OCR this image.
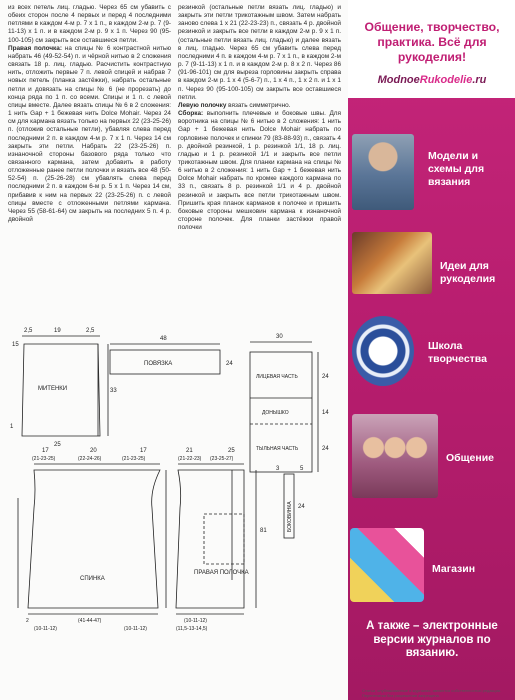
из всех петель лиц. гладью. Через 65 см убавить с обеих сторон после 4 первых и перед 4 последними петлями в каждом 4-м р. 7 х 1 п., в каждом 2-м р. 7 (9-11-13) х 1 п. и в каждом 2-м р. 9 х 1 п. Через 90 (95-100-105) см закрыть все оставшиеся петли.

Правая полочка: на спицы № 6 контрастной нитью набрать 46 (49-52-54) п. и чёрной нитью в 2 сложения связать 18 р. лиц. гладью. Расчистить контрастную нить, отложить первые 7 п. левой спицей и набрав 7 новых петель (планка застёжки), набрать остальные петли и довязать на спицы № 6 (не прорезать) до конца ряда по 1 п. со всеми. Спицы и 1 п. с левой спицы вместе. Далее вязать спицы № 6 в 2 сложения: 1 нить Gap + 1 бежевая нить Dolce Mohair. Через 24 см для кармана вязать только на первых 22 (23-25-26) п. (отложив остальные петли), убавляя слева перед последними 2 п. в каждом 4-м р. 7 х 1 п. Через 14 см закрыть эти петли. Набрать 22 (23-25-26) п. изнаночной стороны базового ряда только что связанного кармана, затем добавить в работу отложенные ранее петли полочки и вязать все 48 (50-52-54) п. (25-26-28) см убавлять слева перед последними 2 п. в каждом 6-м р. 5 х 1 п. Через 14 см, прибавив к ним на первых 22 (23-25-26) п. с левой спицы вместе с отложенными петлями кармана. Через 55 (58-61-64) см закрыть на последних 5 п. 4 р. двойной

резинкой (остальные петли вязать лиц. гладью) и закрыть эти петли трикотажным швом. Затем набрать заново слева 1 х 21 (22-23-23) п., связать 4 р. двойной резинкой и закрыть все петли в каждом 2-м р. 9 х 1 п. (остальные петли вязать лиц. гладью) и далее вязать в лиц. гладью. Через 65 см убавить слева перед последними 4 п. в каждом 4-м р. 7 х 1 п., в каждом 2-м р. 7 (9-11-13) х 1 п. и в каждом 2-м р. 8 х 2 п. Через 86 (91-96-101) см для выреза горловины закрыть справа в каждом 2-м р. 1 х 4 (5-6-7) п., 1 х 4 п., 1 х 2 п. и 1 х 1 п. Через 90 (95-100-105) см закрыть все оставшиеся петли.

Левую полочку вязать симметрично.

Сборка: выполнить плечевые и боковые швы. Для воротника на спицы № 6 нитью в 2 сложения: 1 нить Gap + 1 бежевая нить Dolce Mohair набрать по горловине полочек и спинки 79 (83-88-93) п., связать 4 р. двойной резинкой, 1 р. резинкой 1/1, 18 р. лиц. гладью и 1 р. резинкой 1/1 и закрыть все петли трикотажным швом. Для планки кармана на спицы № 6 нитью в 2 сложения: 1 нить Gap + 1 бежевая нить Dolce Mohair набрать по кромке каждого кармана по 33 п., связать 8 р. резинкой 1/1 и 4 р. двойной резинкой и закрыть все петли трикотажным швом. Пришить края планок карманов к полочке и пришить боковые стороны мешковин кармана к изнаночной стороне полочек. Для планки застёжки правой полочки

МИТЕНКИ
2,5	19	2,5
15
33
1
25
ПОВЯЗКА
48
24
ЛИЦЕВАЯ ЧАСТЬ
ДОНЫШКО
ТЫЛЬНАЯ ЧАСТЬ
30
24
14
24
СПИНКА
17	20	17
(21-23-25)	(22-24-26)	(21-23-25)
2	(41-44-47)
(10-11-12)	(10-11-12)
ПРАВАЯ ПОЛОЧКА
21
(21-22-23) (23-25-27)
25
(10-11-12)
(11,5-13-14,5)
81	БОКОВИНКА
3	5
24
Общение, творчество, практика. Всё для рукоделия!
ModnoeRukodelie.ru
Модели и схемы для вязания
Идеи для рукоделия
Школа творчества
Общение
Магазин
А также – электронные версии журналов по вязанию.
Статьи, опубликованные в журналах, являются собственностью редакции. Перепечатка без разрешения запрещена.
